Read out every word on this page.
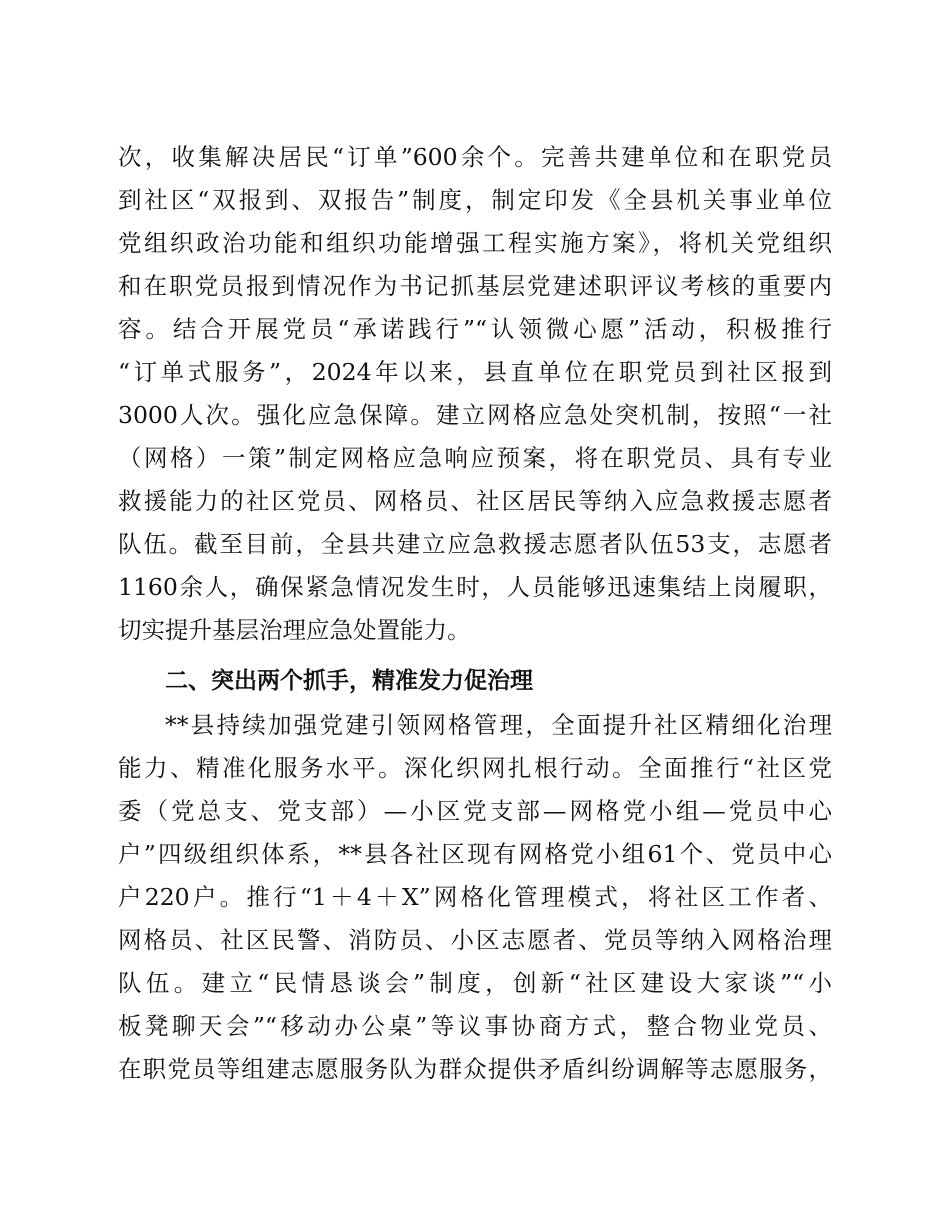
次，收集解决居民“订单”600余个。完善共建单位和在职党员

到社区“双报到、双报告”制度，制定印发《全县机关事业单位

党组织政治功能和组织功能增强工程实施方案》，将机关党组织

和在职党员报到情况作为书记抓基层党建述职评议考核的重要内

容。结合开展党员“承诺践行”“认领微心愿”活动，积极推行

“订单式服务”，2024年以来，县直单位在职党员到社区报到

3000人次。强化应急保障。建立网格应急处突机制，按照“一社

（网格）一策”制定网格应急响应预案，将在职党员、具有专业

救援能力的社区党员、网格员、社区居民等纳入应急救援志愿者

队伍。截至目前，全县共建立应急救援志愿者队伍53支，志愿者

1160余人，确保紧急情况发生时，人员能够迅速集结上岗履职，

切实提升基层治理应急处置能力。

二、突出两个抓手，精准发力促治理

**县持续加强党建引领网格管理，全面提升社区精细化治理

能力、精准化服务水平。深化织网扎根行动。全面推行“社区党

委（党总支、党支部）—小区党支部—网格党小组—党员中心

户”四级组织体系，**县各社区现有网格党小组61个、党员中心

户220户。推行“1＋4＋X”网格化管理模式，将社区工作者、

网格员、社区民警、消防员、小区志愿者、党员等纳入网格治理

队伍。建立“民情恳谈会”制度，创新“社区建设大家谈”“小

板凳聊天会”“移动办公桌”等议事协商方式，整合物业党员、

在职党员等组建志愿服务队为群众提供矛盾纠纷调解等志愿服务，
